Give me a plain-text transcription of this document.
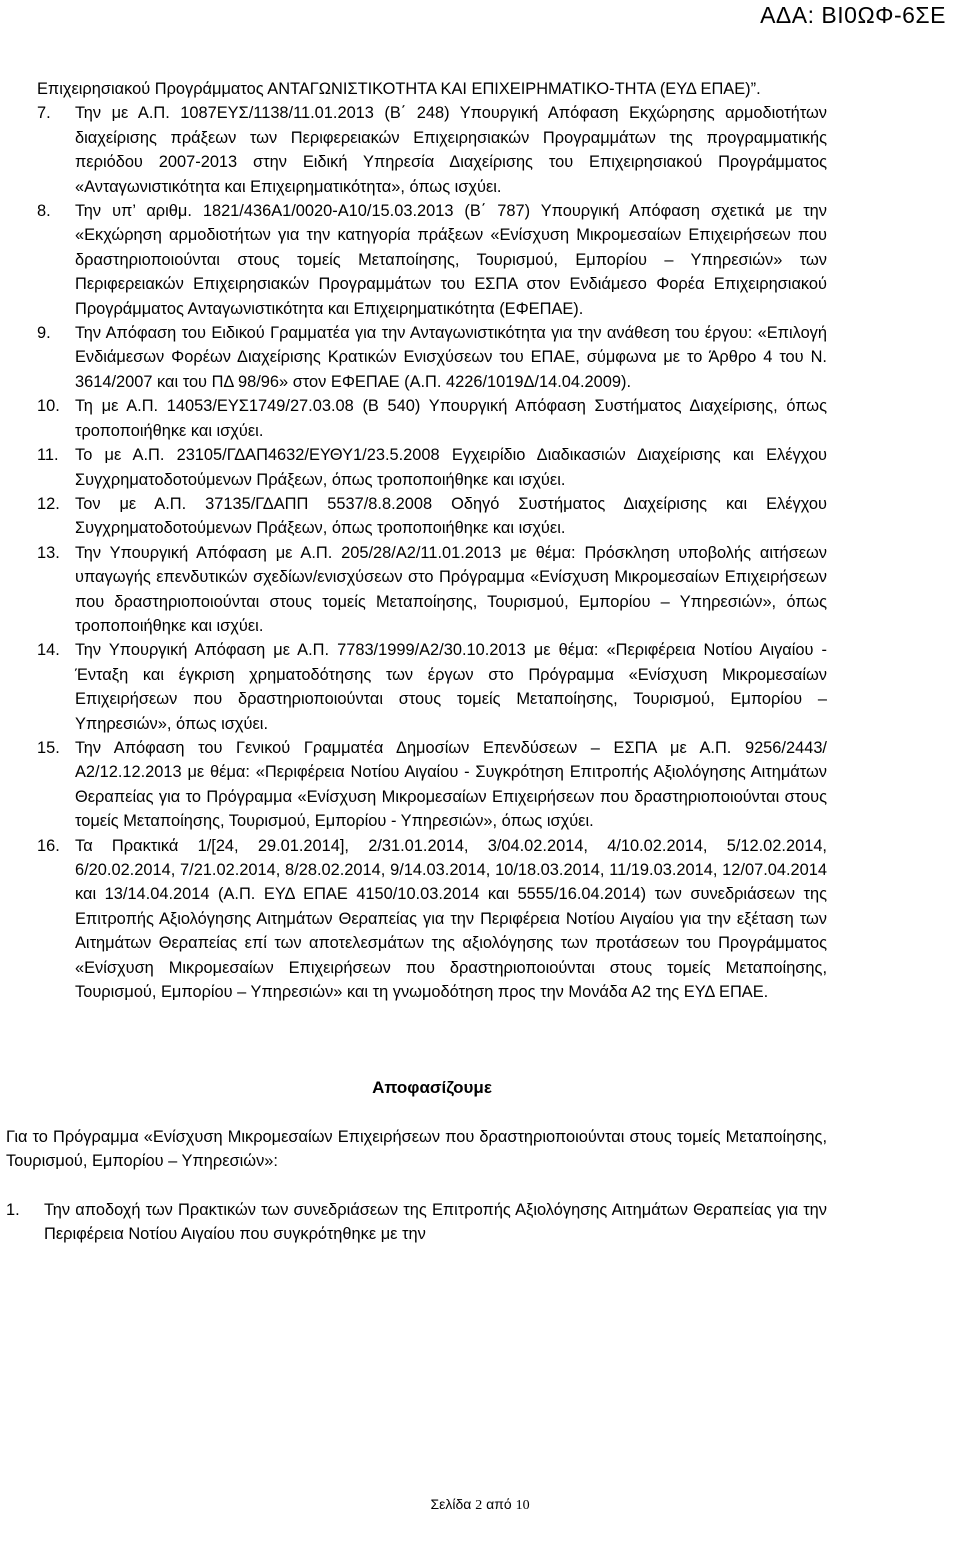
ΑΔΑ: ΒΙ0ΩΦ-6ΣΕ
Επιχειρησιακού Προγράμματος ΑΝΤΑΓΩΝΙΣΤΙΚΟΤΗΤΑ ΚΑΙ ΕΠΙΧΕΙΡΗΜΑΤΙΚΟ-ΤΗΤΑ (ΕΥΔ ΕΠΑΕ)”.
7.	Την με Α.Π. 1087ΕΥΣ/1138/11.01.2013 (Β΄ 248) Υπουργική Απόφαση Εκχώρησης αρμοδιοτήτων διαχείρισης πράξεων των Περιφερειακών Επιχειρησιακών Προγραμμάτων της προγραμματικής περιόδου 2007-2013 στην Ειδική Υπηρεσία Διαχείρισης του Επιχειρησιακού Προγράμματος «Ανταγωνιστικότητα και Επιχειρηματικότητα», όπως ισχύει.
8.	Την υπ’ αριθμ. 1821/436Α1/0020-Α10/15.03.2013 (Β΄ 787) Υπουργική Απόφαση σχετικά με την «Εκχώρηση αρμοδιοτήτων για την κατηγορία πράξεων «Ενίσχυση Μικρομεσαίων Επιχειρήσεων που δραστηριοποιούνται στους τομείς Μεταποίησης, Τουρισμού, Εμπορίου – Υπηρεσιών» των Περιφερειακών Επιχειρησιακών Προγραμμάτων του ΕΣΠΑ στον Ενδιάμεσο Φορέα Επιχειρησιακού Προγράμματος Ανταγωνιστικότητα και Επιχειρηματικότητα (ΕΦΕΠΑΕ).
9.	Την Απόφαση του Ειδικού Γραμματέα για την Ανταγωνιστικότητα για την ανάθεση του έργου: «Επιλογή Ενδιάμεσων Φορέων Διαχείρισης Κρατικών Ενισχύσεων του ΕΠΑΕ, σύμφωνα με το Άρθρο 4 του Ν. 3614/2007 και του ΠΔ 98/96» στον ΕΦΕΠΑΕ (Α.Π. 4226/1019Δ/14.04.2009).
10. Τη με Α.Π. 14053/ΕΥΣ1749/27.03.08 (Β 540) Υπουργική Απόφαση Συστήματος Διαχείρισης, όπως τροποποιήθηκε και ισχύει.
11.	Το με Α.Π. 23105/ΓΔΑΠ4632/ΕΥΘΥ1/23.5.2008 Εγχειρίδιο Διαδικασιών Διαχείρισης και Ελέγχου Συγχρηματοδοτούμενων Πράξεων, όπως τροποποιήθηκε και ισχύει.
12. Τον με Α.Π. 37135/ΓΔΑΠΠ 5537/8.8.2008 Οδηγό Συστήματος Διαχείρισης και Ελέγχου Συγχρηματοδοτούμενων Πράξεων, όπως τροποποιήθηκε και ισχύει.
13. Την Υπουργική Απόφαση με Α.Π. 205/28/Α2/11.01.2013 με θέμα: Πρόσκληση υποβολής αιτήσεων υπαγωγής επενδυτικών σχεδίων/ενισχύσεων στο Πρόγραμμα «Ενίσχυση Μικρομεσαίων Επιχειρήσεων που δραστηριοποιούνται στους τομείς Μεταποίησης, Τουρισμού, Εμπορίου – Υπηρεσιών», όπως τροποποιήθηκε και ισχύει.
14. Την Υπουργική Απόφαση με Α.Π. 7783/1999/Α2/30.10.2013 με θέμα: «Περιφέρεια Νοτίου Αιγαίου - Ένταξη και έγκριση χρηματοδότησης των έργων στο Πρόγραμμα «Ενίσχυση Μικρομεσαίων Επιχειρήσεων που δραστηριοποιούνται στους τομείς Μεταποίησης, Τουρισμού, Εμπορίου – Υπηρεσιών», όπως ισχύει.
15. Την Απόφαση του Γενικού Γραμματέα Δημοσίων Επενδύσεων – ΕΣΠΑ με Α.Π. 9256/2443/Α2/12.12.2013 με θέμα: «Περιφέρεια Νοτίου Αιγαίου - Συγκρότηση Επιτροπής Αξιολόγησης Αιτημάτων Θεραπείας για το Πρόγραμμα «Ενίσχυση Μικρομεσαίων Επιχειρήσεων που δραστηριοποιούνται στους τομείς Μεταποίησης, Τουρισμού, Εμπορίου - Υπηρεσιών», όπως ισχύει.
16. Τα Πρακτικά 1/[24, 29.01.2014], 2/31.01.2014, 3/04.02.2014, 4/10.02.2014, 5/12.02.2014, 6/20.02.2014, 7/21.02.2014, 8/28.02.2014, 9/14.03.2014, 10/18.03.2014, 11/19.03.2014, 12/07.04.2014 και 13/14.04.2014 (Α.Π. ΕΥΔ ΕΠΑΕ 4150/10.03.2014 και 5555/16.04.2014) των συνεδριάσεων της Επιτροπής Αξιολόγησης Αιτημάτων Θεραπείας για την Περιφέρεια Νοτίου Αιγαίου για την εξέταση των Αιτημάτων Θεραπείας επί των αποτελεσμάτων της αξιολόγησης των προτάσεων του Προγράμματος «Ενίσχυση Μικρομεσαίων Επιχειρήσεων που δραστηριοποιούνται στους τομείς Μεταποίησης, Τουρισμού, Εμπορίου – Υπηρεσιών» και τη γνωμοδότηση προς την Μονάδα Α2 της ΕΥΔ ΕΠΑΕ.
Αποφασίζουμε
Για το Πρόγραμμα «Ενίσχυση Μικρομεσαίων Επιχειρήσεων που δραστηριοποιούνται στους τομείς Μεταποίησης, Τουρισμού, Εμπορίου – Υπηρεσιών»:
1.	Την αποδοχή των Πρακτικών των συνεδριάσεων της Επιτροπής Αξιολόγησης Αιτημάτων Θεραπείας για την Περιφέρεια Νοτίου Αιγαίου που συγκρότηθηκε με την
Σελίδα 2 από 10
